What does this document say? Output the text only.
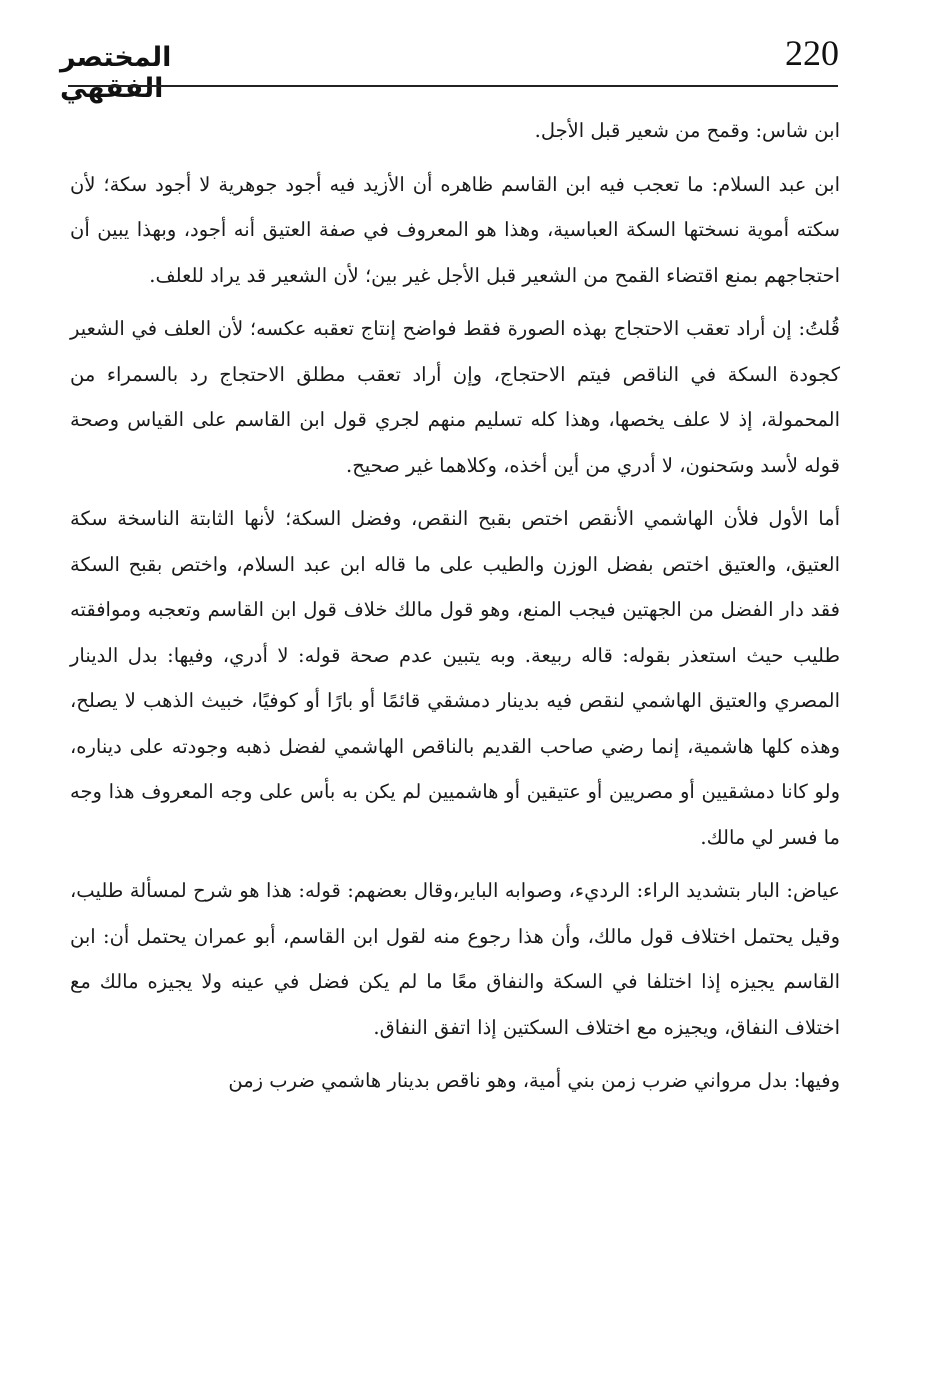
220
المختصر الفقهي

ابن شاس: وقمح من شعير قبل الأجل.

ابن عبد السلام: ما تعجب فيه ابن القاسم ظاهره أن الأزيد فيه أجود جوهرية لا أجود سكة؛ لأن سكته أموية نسختها السكة العباسية، وهذا هو المعروف في صفة العتيق أنه أجود، وبهذا يبين أن احتجاجهم بمنع اقتضاء القمح من الشعير قبل الأجل غير بين؛ لأن الشعير قد يراد للعلف.

قُلتُ: إن أراد تعقب الاحتجاج بهذه الصورة فقط فواضح إنتاج تعقبه عكسه؛ لأن العلف في الشعير كجودة السكة في الناقص فيتم الاحتجاج، وإن أراد تعقب مطلق الاحتجاج رد بالسمراء من المحمولة، إذ لا علف يخصها، وهذا كله تسليم منهم لجري قول ابن القاسم على القياس وصحة قوله لأسد وسَحنون، لا أدري من أين أخذه، وكلاهما غير صحيح.

أما الأول فلأن الهاشمي الأنقص اختص بقبح النقص، وفضل السكة؛ لأنها الثابتة الناسخة سكة العتيق، والعتيق اختص بفضل الوزن والطيب على ما قاله ابن عبد السلام، واختص بقبح السكة فقد دار الفضل من الجهتين فيجب المنع، وهو قول مالك خلاف قول ابن القاسم وتعجبه وموافقته طليب حيث استعذر بقوله: قاله ربيعة. وبه يتبين عدم صحة قوله: لا أدري، وفيها: بدل الدينار المصري والعتيق الهاشمي لنقص فيه بدينار دمشقي قائمًا أو بارًا أو كوفيًا، خبيث الذهب لا يصلح، وهذه كلها هاشمية، إنما رضي صاحب القديم بالناقص الهاشمي لفضل ذهبه وجودته على ديناره، ولو كانا دمشقيين أو مصريين أو عتيقين أو هاشميين لم يكن به بأس على وجه المعروف هذا وجه ما فسر لي مالك.

عياض: البار بتشديد الراء: الرديء، وصوابه الباير،وقال بعضهم: قوله: هذا هو شرح لمسألة طليب، وقيل يحتمل اختلاف قول مالك، وأن هذا رجوع منه لقول ابن القاسم، أبو عمران يحتمل أن: ابن القاسم يجيزه إذا اختلفا في السكة والنفاق معًا ما لم يكن فضل في عينه ولا يجيزه مالك مع اختلاف النفاق، ويجيزه مع اختلاف السكتين إذا اتفق النفاق.

وفيها: بدل مرواني ضرب زمن بني أمية، وهو ناقص بدينار هاشمي ضرب زمن
